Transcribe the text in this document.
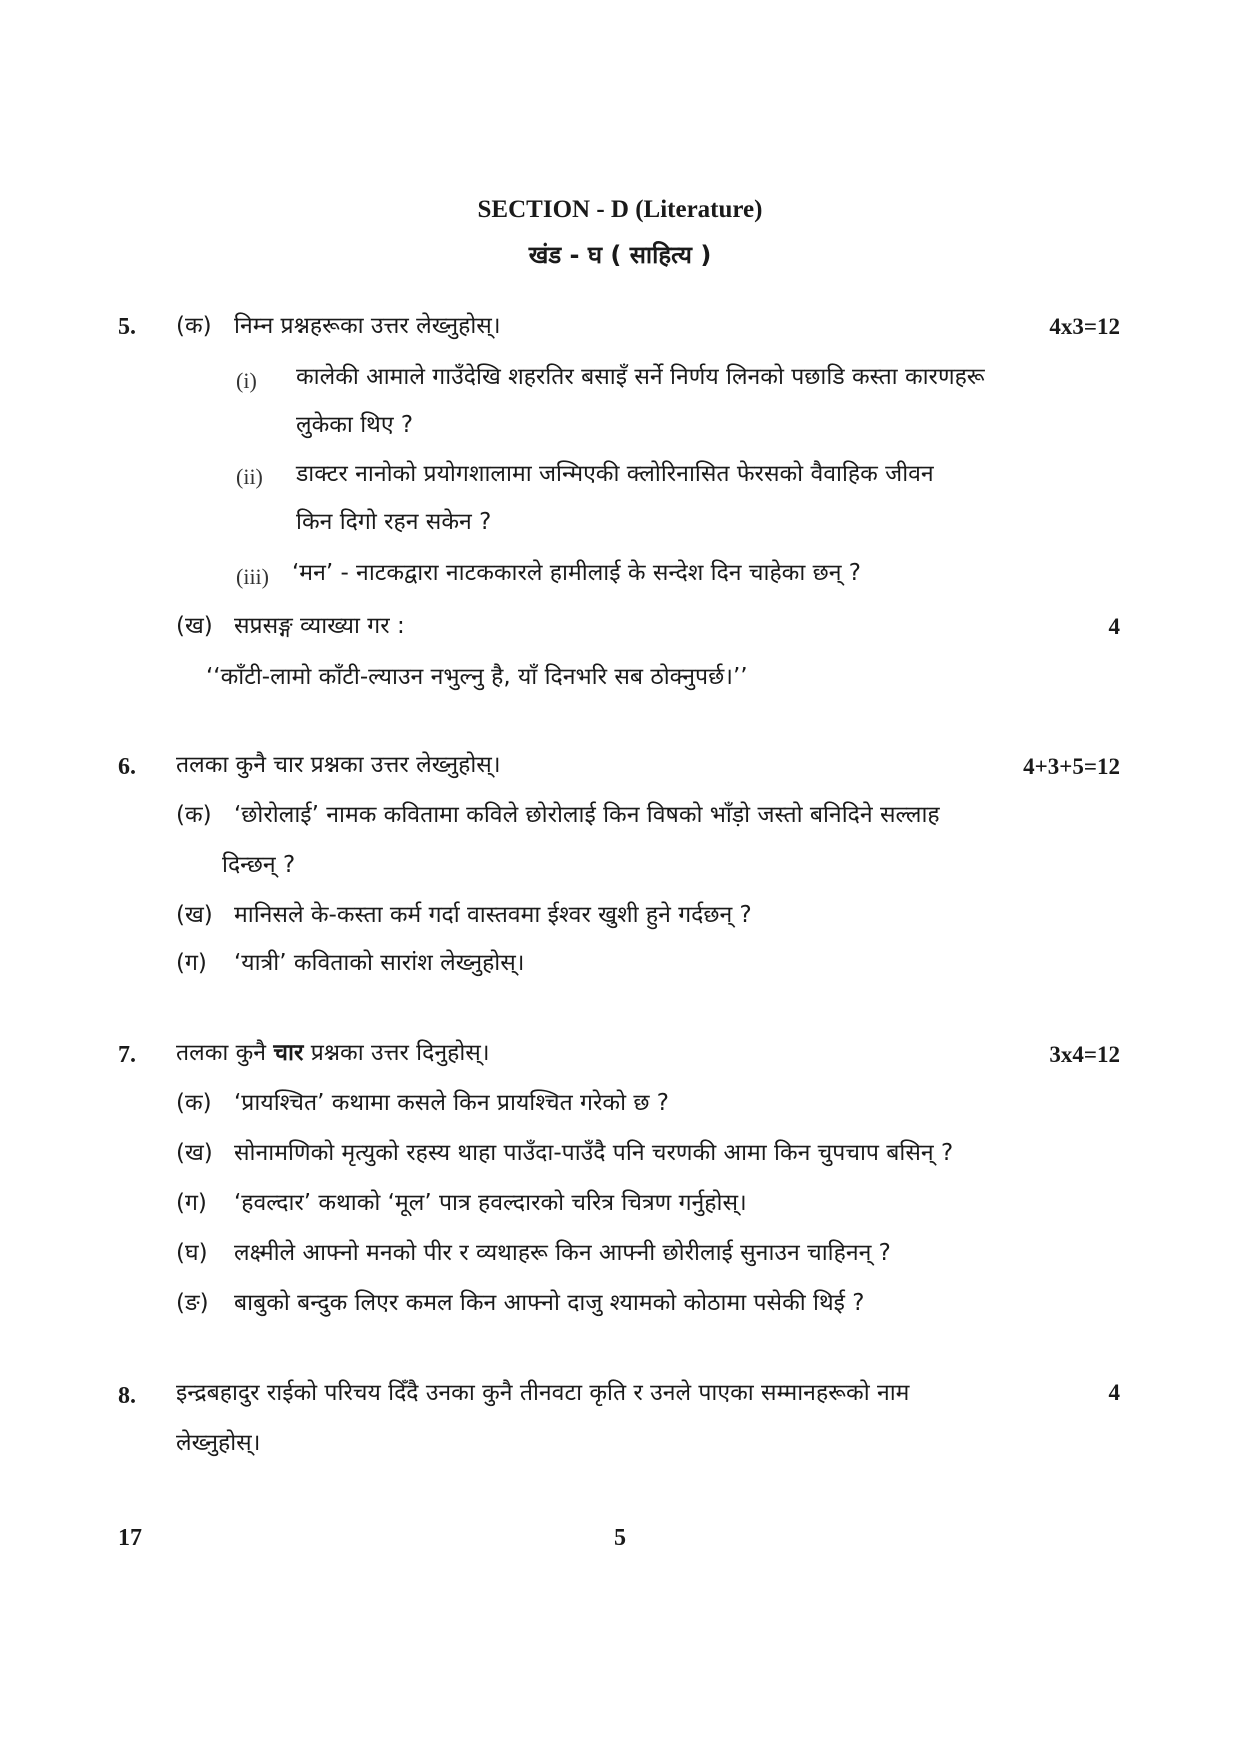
SECTION - D (Literature)
खंड - घ ( साहित्य )
5. (क) निम्न प्रश्नहरूका उत्तर लेख्नुहोस्।	4x3=12
(i) कालेकी आमाले गाउँदेखि शहरतिर बसाइँ सर्ने निर्णय लिनको पछाडि कस्ता कारणहरू
लुकेका थिए ?
(ii) डाक्टर नानोको प्रयोगशालामा जन्मिएकी क्लोरिनासित फेरसको वैवाहिक जीवन
किन दिगो रहन सकेन ?
(iii) ‘मन’ - नाटकद्वारा नाटककारले हामीलाई के सन्देश दिन चाहेका छन् ?
(ख) सप्रसङ्ग व्याख्या गर :	4
‘‘काँटी-लामो काँटी-ल्याउन नभुल्नु है, याँ दिनभरि सब ठोक्नुपर्छ।’’
6. तलका कुनै चार प्रश्नका उत्तर लेख्नुहोस्।	4+3+5=12
(क) ‘छोरोलाई’ नामक कवितामा कविले छोरोलाई किन विषको भाँड़ो जस्तो बनिदिने सल्लाह
दिन्छन् ?
(ख) मानिसले के-कस्ता कर्म गर्दा वास्तवमा ईश्वर खुशी हुने गर्दछन् ?
(ग) ‘यात्री’ कविताको सारांश लेख्नुहोस्।
7. तलका कुनै चार प्रश्नका उत्तर दिनुहोस्।	3x4=12
(क) ‘प्रायश्चित’ कथामा कसले किन प्रायश्चित गरेको छ ?
(ख) सोनामणिको मृत्युको रहस्य थाहा पाउँदा-पाउँदै पनि चरणकी आमा किन चुपचाप बसिन् ?
(ग) ‘हवल्दार’ कथाको ‘मूल’ पात्र हवल्दारको चरित्र चित्रण गर्नुहोस्।
(घ) लक्ष्मीले आफ्नो मनको पीर र व्यथाहरू किन आफ्नी छोरीलाई सुनाउन चाहिनन् ?
(ङ) बाबुको बन्दुक लिएर कमल किन आफ्नो दाजु श्यामको कोठामा पसेकी थिई ?
8. इन्द्रबहादुर राईको परिचय दिँदै उनका कुनै तीनवटा कृति र उनले पाएका सम्मानहरूको नाम
लेख्नुहोस्।
4
17	5
